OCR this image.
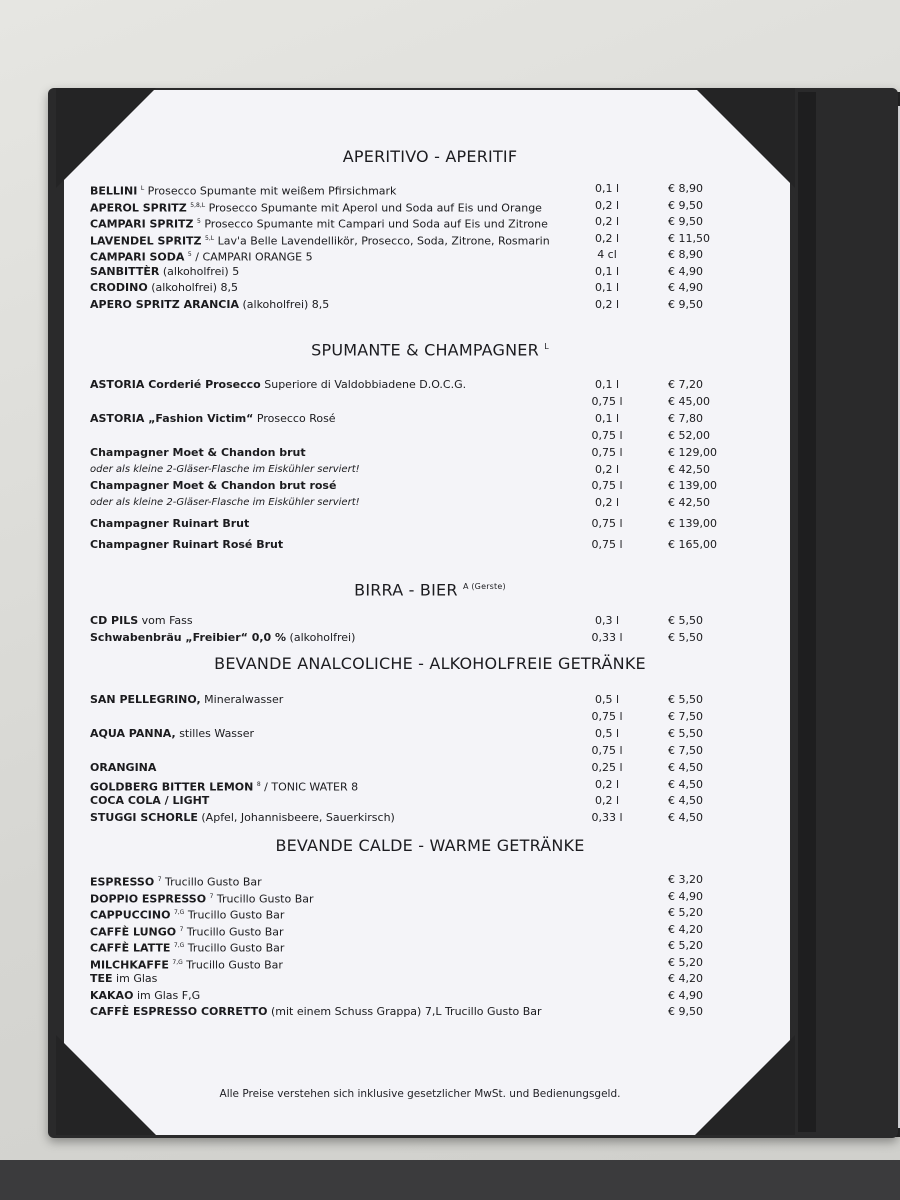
APERITIVO - APERITIF
BELLINI $^L$ Prosecco Spumante mit weißem Pfirsichmark	0,1 l	€ 8,90
APEROL SPRITZ $^{5,8,L}$ Prosecco Spumante mit Aperol und Soda auf Eis und Orange	0,2 l	€ 9,50
CAMPARI SPRITZ $^5$ Prosecco Spumante mit Campari und Soda auf Eis und Zitrone	0,2 l	€ 9,50
LAVENDEL SPRITZ $^{5,L}$ Lav'a Belle Lavendellikör, Prosecco, Soda, Zitrone, Rosmarin	0,2 l	€ 11,50
CAMPARI SODA $^5$ / CAMPARI ORANGE 5	4 cl	€ 8,90
SANBITTÈR (alkoholfrei) 5	0,1 l	€ 4,90
CRODINO (alkoholfrei) 8,5	0,1 l	€ 4,90
APERO SPRITZ ARANCIA (alkoholfrei) 8,5	0,2 l	€ 9,50
SPUMANTE & CHAMPAGNER $^L$
ASTORIA Corderié Prosecco Superiore di Valdobbiadene D.O.C.G.	0,1 l	€ 7,20
0,75 l	€ 45,00
ASTORIA „Fashion Victim“ Prosecco Rosé	0,1 l	€ 7,80
0,75 l	€ 52,00
Champagner Moet & Chandon brut	0,75 l	€ 129,00
oder als kleine 2-Gläser-Flasche im Eiskühler serviert!	0,2 l	€ 42,50
Champagner Moet & Chandon brut rosé	0,75 l	€ 139,00
oder als kleine 2-Gläser-Flasche im Eiskühler serviert!	0,2 l	€ 42,50
Champagner Ruinart Brut	0,75 l	€ 139,00
Champagner Ruinart Rosé Brut	0,75 l	€ 165,00
BIRRA - BIER $^{A (Gerste)}$
CD PILS vom Fass	0,3 l	€ 5,50
Schwabenbräu „Freibier“ 0,0 % (alkoholfrei)	0,33 l	€ 5,50
BEVANDE ANALCOLICHE - ALKOHOLFREIE GETRÄNKE
SAN PELLEGRINO, Mineralwasser	0,5 l	€ 5,50
0,75 l	€ 7,50
AQUA PANNA, stilles Wasser	0,5 l	€ 5,50
0,75 l	€ 7,50
ORANGINA	0,25 l	€ 4,50
GOLDBERG BITTER LEMON $^8$ / TONIC WATER 8	0,2 l	€ 4,50
COCA COLA / LIGHT	0,2 l	€ 4,50
STUGGI SCHORLE (Apfel, Johannisbeere, Sauerkirsch)	0,33 l	€ 4,50
BEVANDE CALDE - WARME GETRÄNKE
ESPRESSO $^7$ Trucillo Gusto Bar	€ 3,20
DOPPIO ESPRESSO $^7$ Trucillo Gusto Bar	€ 4,90
CAPPUCCINO $^{7,G}$ Trucillo Gusto Bar	€ 5,20
CAFFÈ LUNGO $^7$ Trucillo Gusto Bar	€ 4,20
CAFFÈ LATTE $^{7,G}$ Trucillo Gusto Bar	€ 5,20
MILCHKAFFE $^{7,G}$ Trucillo Gusto Bar	€ 5,20
TEE im Glas	€ 4,20
KAKAO im Glas F,G	€ 4,90
CAFFÈ ESPRESSO CORRETTO (mit einem Schuss Grappa) 7,L Trucillo Gusto Bar	€ 9,50
Alle Preise verstehen sich inklusive gesetzlicher MwSt. und Bedienungsgeld.
